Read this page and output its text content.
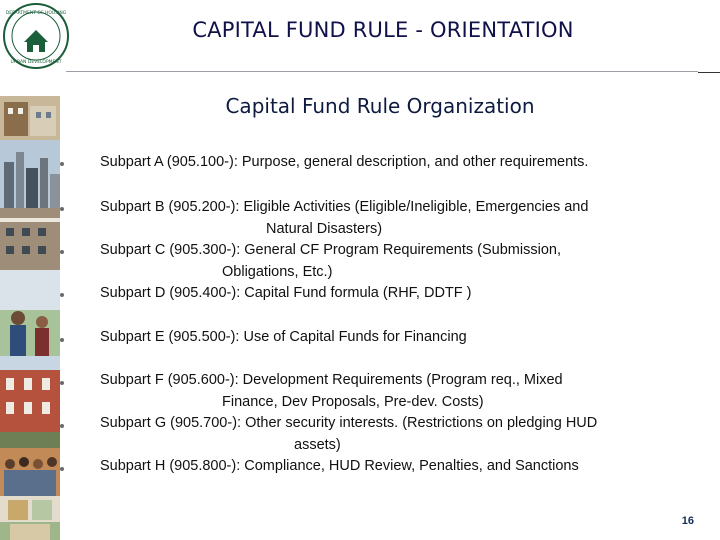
DEPARTMENT OF HOUSING
URBAN DEVELOPMENT
CAPITAL FUND RULE - ORIENTATION
Capital Fund Rule Organization
Subpart A (905.100-): Purpose, general description, and other requirements.
Subpart B (905.200-): Eligible Activities (Eligible/Ineligible, Emergencies and
Natural Disasters)
Subpart C (905.300-): General CF Program Requirements (Submission,
Obligations, Etc.)
Subpart D (905.400-): Capital Fund formula (RHF, DDTF )
Subpart E (905.500-): Use of Capital Funds for Financing
Subpart F (905.600-): Development Requirements (Program req., Mixed
Finance, Dev Proposals, Pre-dev. Costs)
Subpart G (905.700-): Other security interests. (Restrictions on pledging HUD
assets)
Subpart H (905.800-): Compliance, HUD Review, Penalties, and Sanctions
16
